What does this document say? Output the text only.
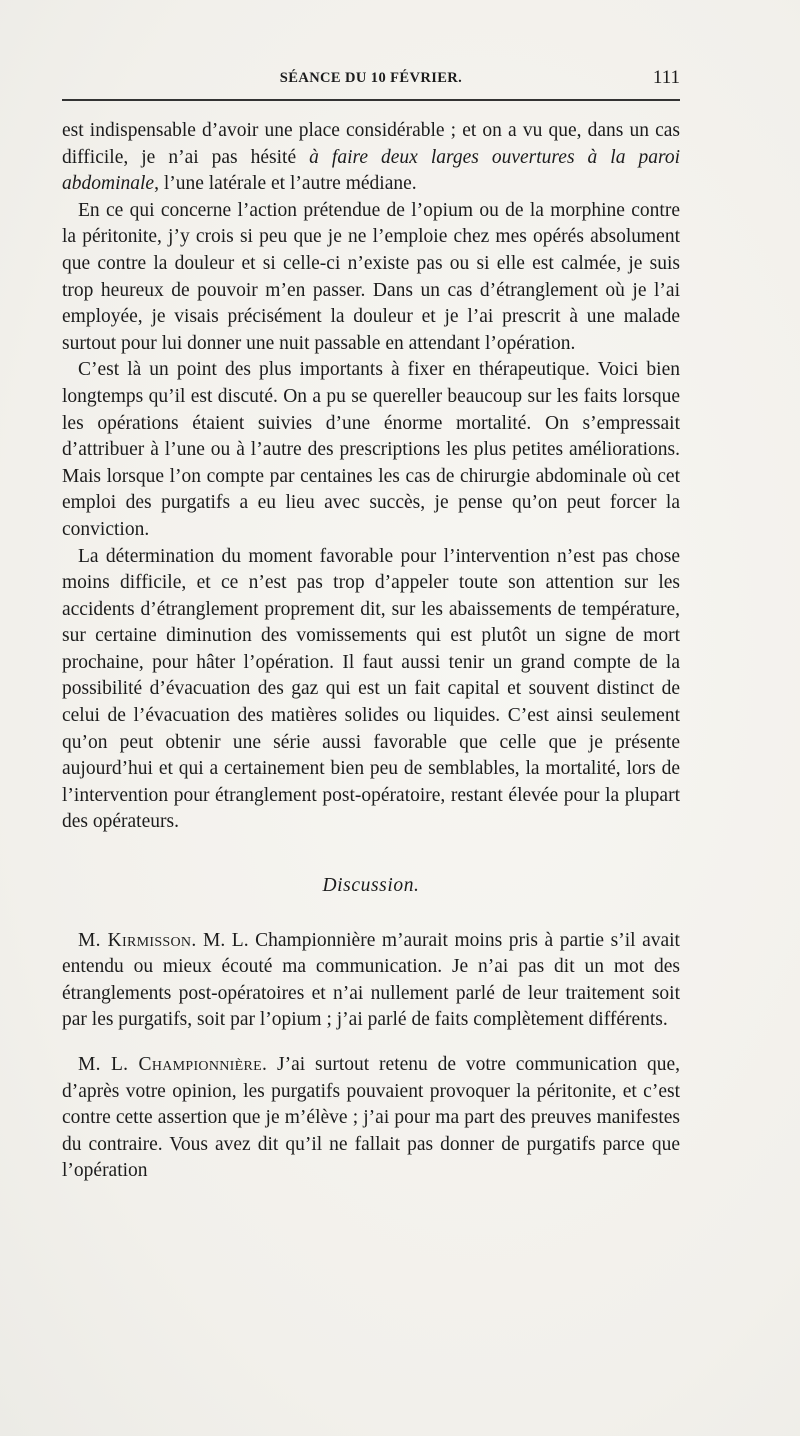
SÉANCE DU 10 FÉVRIER.	111

est indispensable d’avoir une place considérable ; et on a vu que, dans un cas difficile, je n’ai pas hésité à faire deux larges ouvertures à la paroi abdominale, l’une latérale et l’autre médiane.

En ce qui concerne l’action prétendue de l’opium ou de la morphine contre la péritonite, j’y crois si peu que je ne l’emploie chez mes opérés absolument que contre la douleur et si celle-ci n’existe pas ou si elle est calmée, je suis trop heureux de pouvoir m’en passer. Dans un cas d’étranglement où je l’ai employée, je visais précisément la douleur et je l’ai prescrit à une malade surtout pour lui donner une nuit passable en attendant l’opération.

C’est là un point des plus importants à fixer en thérapeutique. Voici bien longtemps qu’il est discuté. On a pu se quereller beaucoup sur les faits lorsque les opérations étaient suivies d’une énorme mortalité. On s’empressait d’attribuer à l’une ou à l’autre des prescriptions les plus petites améliorations. Mais lorsque l’on compte par centaines les cas de chirurgie abdominale où cet emploi des purgatifs a eu lieu avec succès, je pense qu’on peut forcer la conviction.

La détermination du moment favorable pour l’intervention n’est pas chose moins difficile, et ce n’est pas trop d’appeler toute son attention sur les accidents d’étranglement proprement dit, sur les abaissements de température, sur certaine diminution des vomissements qui est plutôt un signe de mort prochaine, pour hâter l’opération. Il faut aussi tenir un grand compte de la possibilité d’évacuation des gaz qui est un fait capital et souvent distinct de celui de l’évacuation des matières solides ou liquides. C’est ainsi seulement qu’on peut obtenir une série aussi favorable que celle que je présente aujourd’hui et qui a certainement bien peu de semblables, la mortalité, lors de l’intervention pour étranglement post-opératoire, restant élevée pour la plupart des opérateurs.

Discussion.

M. Kirmisson. M. L. Championnière m’aurait moins pris à partie s’il avait entendu ou mieux écouté ma communication. Je n’ai pas dit un mot des étranglements post-opératoires et n’ai nullement parlé de leur traitement soit par les purgatifs, soit par l’opium ; j’ai parlé de faits complètement différents.

M. L. Championnière. J’ai surtout retenu de votre communication que, d’après votre opinion, les purgatifs pouvaient provoquer la péritonite, et c’est contre cette assertion que je m’élève ; j’ai pour ma part des preuves manifestes du contraire. Vous avez dit qu’il ne fallait pas donner de purgatifs parce que l’opération
